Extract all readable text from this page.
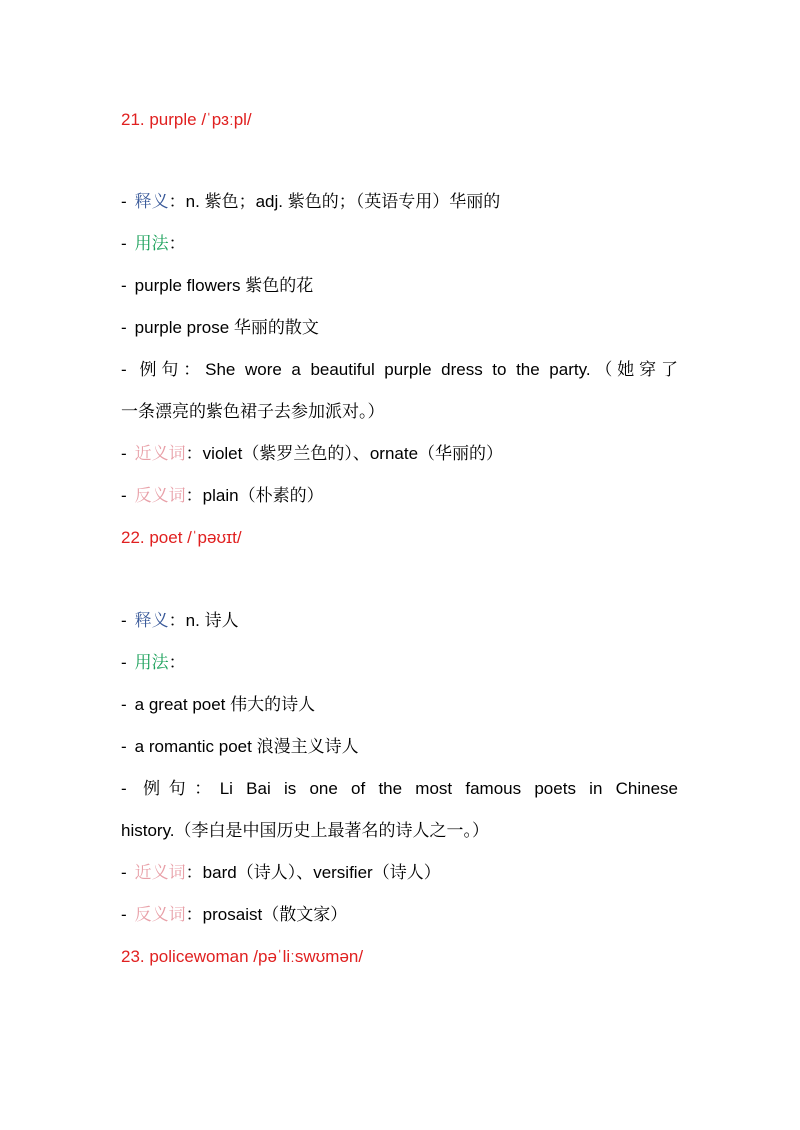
21. purple /ˈpɜːpl/
- 释义：n. 紫色；adj. 紫色的；（英语专用）华丽的
- 用法：
- purple flowers 紫色的花
- purple prose 华丽的散文
- 例句：She wore a beautiful purple dress to the party.（她穿了
一条漂亮的紫色裙子去参加派对。）
- 近义词：violet（紫罗兰色的）、ornate（华丽的）
- 反义词：plain（朴素的）
22. poet /ˈpəʊɪt/
- 释义：n. 诗人
- 用法：
- a great poet 伟大的诗人
- a romantic poet 浪漫主义诗人
- 例句：Li Bai is one of the most famous poets in Chinese
history.（李白是中国历史上最著名的诗人之一。）
- 近义词：bard（诗人）、versifier（诗人）
- 反义词：prosaist（散文家）
23. policewoman /pəˈliːswʊmən/
